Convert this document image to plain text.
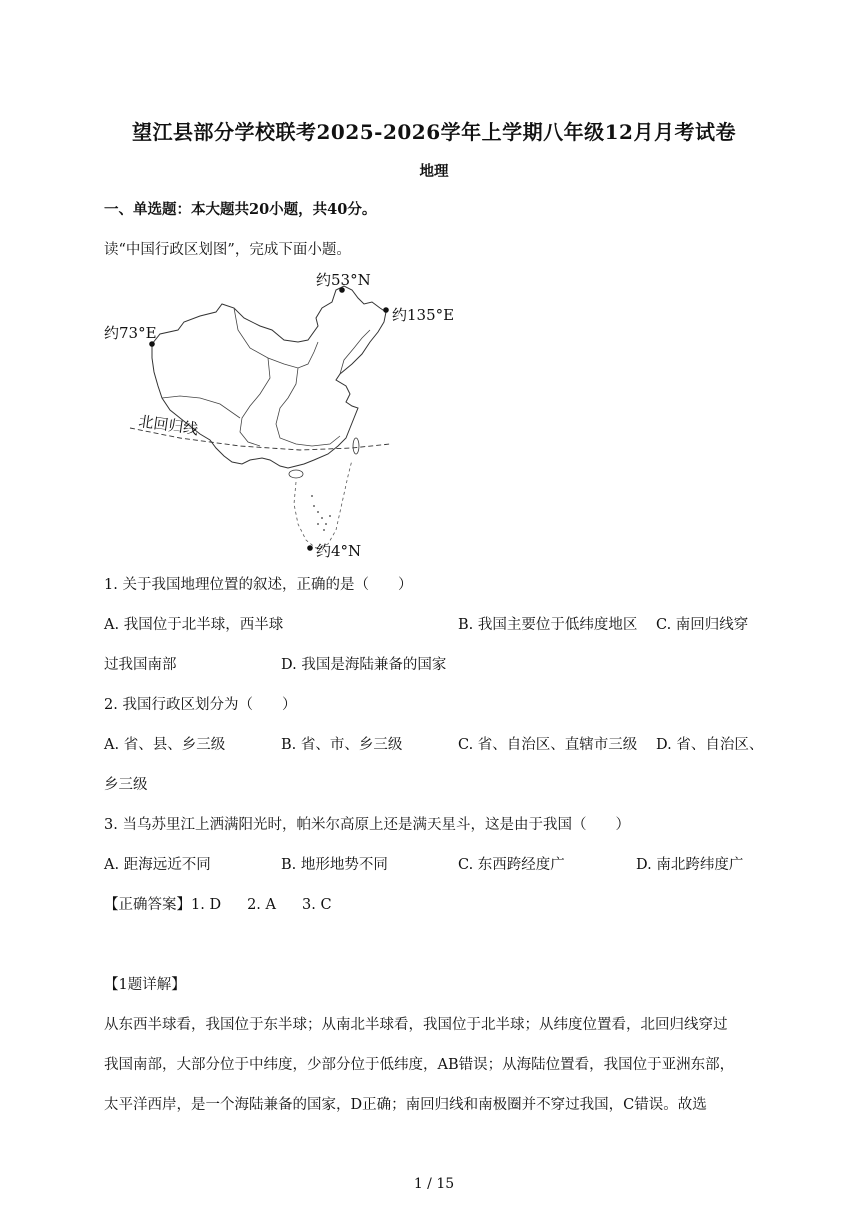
望江县部分学校联考2025-2026学年上学期八年级12月月考试卷
地理
一、单选题：本大题共20小题，共40分。
读“中国行政区划图”，完成下面小题。
约53°N
约135°E
约73°E
约4°N
北回归线
1. 关于我国地理位置的叙述，正确的是（　　）
A. 我国位于北半球，西半球	B. 我国主要位于低纬度地区 C. 南回归线穿
过我国南部	D. 我国是海陆兼备的国家
2. 我国行政区划分为（　　）
A. 省、县、乡三级	B. 省、市、乡三级	C. 省、自治区、直辖市三级 D. 省、自治区、
乡三级
3. 当乌苏里江上洒满阳光时，帕米尔高原上还是满天星斗，这是由于我国（　　）
A. 距海远近不同	B. 地形地势不同	C. 东西跨经度广	D. 南北跨纬度广
【正确答案】1. D 2. A 3. C
【1题详解】
从东西半球看，我国位于东半球；从南北半球看，我国位于北半球；从纬度位置看，北回归线穿过
我国南部，大部分位于中纬度，少部分位于低纬度，AB错误；从海陆位置看，我国位于亚洲东部，
太平洋西岸，是一个海陆兼备的国家，D正确；南回归线和南极圈并不穿过我国，C错误。故选
1 / 15
